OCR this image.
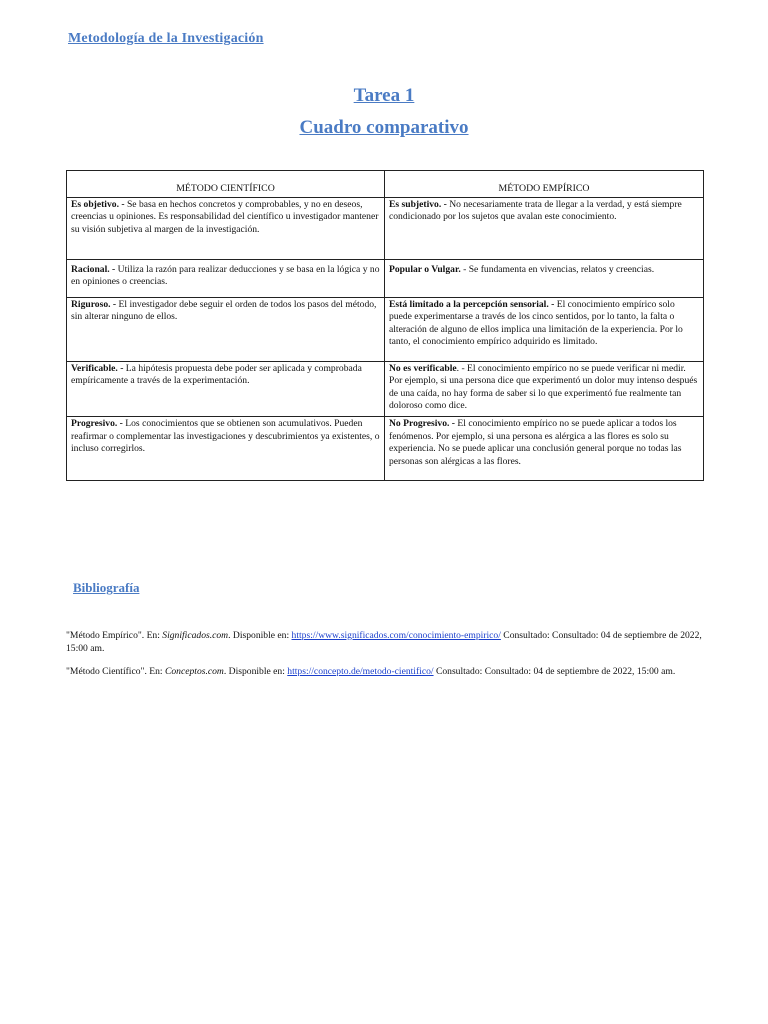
Metodología de la Investigación
Tarea 1
Cuadro comparativo
MÉTODO CIENTÍFICO	MÉTODO EMPÍRICO
Es objetivo. - Se basa en hechos concretos y comprobables, y no en deseos, creencias u opiniones. Es responsabilidad del científico u investigador mantener su visión subjetiva al margen de la investigación.	Es subjetivo. - No necesariamente trata de llegar a la verdad, y está siempre condicionado por los sujetos que avalan este conocimiento.
Racional. - Utiliza la razón para realizar deducciones y se basa en la lógica y no en opiniones o creencias.	Popular o Vulgar. - Se fundamenta en vivencias, relatos y creencias.
Riguroso. - El investigador debe seguir el orden de todos los pasos del método, sin alterar ninguno de ellos.	Está limitado a la percepción sensorial. - El conocimiento empírico solo puede experimentarse a través de los cinco sentidos, por lo tanto, la falta o alteración de alguno de ellos implica una limitación de la experiencia. Por lo tanto, el conocimiento empírico adquirido es limitado.
Verificable. - La hipótesis propuesta debe poder ser aplicada y comprobada empíricamente a través de la experimentación.	No es verificable. - El conocimiento empírico no se puede verificar ni medir. Por ejemplo, si una persona dice que experimentó un dolor muy intenso después de una caída, no hay forma de saber si lo que experimentó fue realmente tan doloroso como dice.
Progresivo. - Los conocimientos que se obtienen son acumulativos. Pueden reafirmar o complementar las investigaciones y descubrimientos ya existentes, o incluso corregirlos.	No Progresivo. - El conocimiento empírico no se puede aplicar a todos los fenómenos. Por ejemplo, si una persona es alérgica a las flores es solo su experiencia. No se puede aplicar una conclusión general porque no todas las personas son alérgicas a las flores.
Bibliografía
"Método Empírico". En: Significados.com. Disponible en: https://www.significados.com/conocimiento-empirico/ Consultado: Consultado: 04 de septiembre de 2022, 15:00 am.
"Método Científico". En: Conceptos.com. Disponible en: https://concepto.de/metodo-cientifico/ Consultado: Consultado: 04 de septiembre de 2022, 15:00 am.
